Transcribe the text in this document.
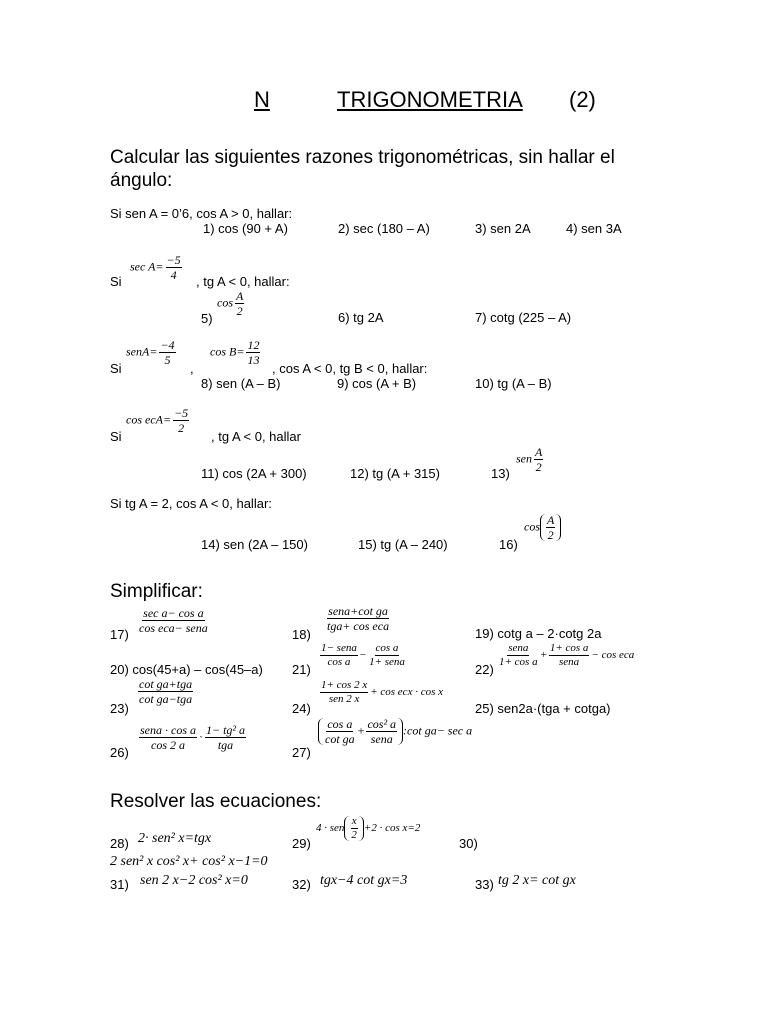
N	TRIGONOMETRIA (2)
Calcular las siguientes razones trigonométricas, sin hallar el ángulo:
Si sen A = 0’6, cos A > 0, hallar:
1) cos (90 + A)	2) sec (180 – A)	3) sen 2A	4) sen 3A
$\sec A= \frac{-5}{4}$
Si	, tg A < 0, hallar:
$\cos \frac{A}{2}$
5)	6) tg 2A	7) cotg (225 – A)
senA= $\frac{-4}{5}$	$\cos B= \frac{12}{13}$
Si	,	, cos A < 0, tg B < 0, hallar:
8) sen (A – B)	9) cos (A + B)	10) tg (A – B)
$\cos ecA= \frac{-5}{2}$
Si	, tg A < 0, hallar
sen $\frac{A}{2}$
11) cos (2A + 300)	12) tg (A + 315)	13)
Si tg A = 2, cos A < 0, hallar:
$\cos \frac{A}{2}$
14) sen (2A – 150)	15) tg (A – 240)	16)
Simplificar:
sec a− cos a
cos eca− sena
17)
sena+cot ga
tga+ cos eca
18)	19) cotg a – 2·cotg 2a
1− sena
cos a
−
cos a
1+ sena
sena
1+ cos a
+
1+ cos a
sena
− cos eca
20) cos(45+a) – cos(45–a) 21)	22)
cot ga+tga
cot ga−tga
1+ cos 2 x
sen 2 x
+ cos ecx · cos x
23)	24)	25) sen2a·(tga + cotga)
sena · cos a
cos 2 a
· 1− tg² a
tga	$\frac{\text{cos a}}{\text{cot ga}} + \cos^2$ a
sena
:cot ga− sec a
26)	27)
Resolver las ecuaciones:
28) 2· sen² x=tgx
4 · sen $\frac{x}{2} +2 \cdot \cos x=2$
29)	30)
2 sen² x cos² x+ cos² x−1=0
31) sen 2 x−2 cos² x=0	32) tgx−4 cot gx=3	33) tg 2 x= cot gx
